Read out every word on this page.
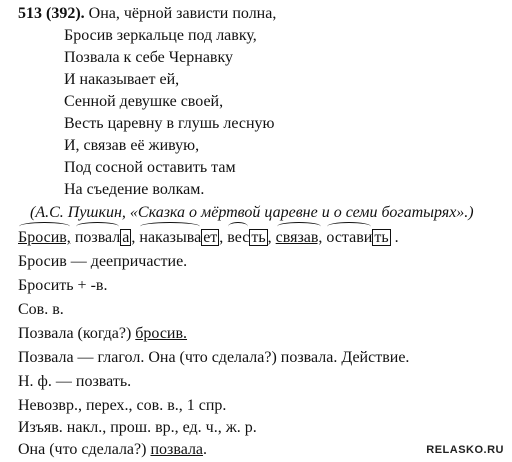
513 (392). Она, чёрной зависти полна,
Бросив зеркальце под лавку,
Позвала к себе Чернавку
И наказывает ей,
Сенной девушке своей,
Весть царевну в глушь лесную
И, связав её живую,
Под сосной оставить там
На съедение волкам.
(А.С. Пушкин, «Сказка о мёртвой царевне и о семи богатырях».)
Бросив, позвал а , наказыва ет , вес ть , связав, остави ть .
Бросив — деепричастие.
Бросить + -в.
Сов. в.
Позвала (когда?) бросив.
Позвала — глагол. Она (что сделала?) позвала. Действие.
Н. ф. — позвать.
Невозвр., перех., сов. в., 1 спр.
Изъяв. накл., прош. вр., ед. ч., ж. р.
Она (что сделала?) позвала.	RELASKO.RU
